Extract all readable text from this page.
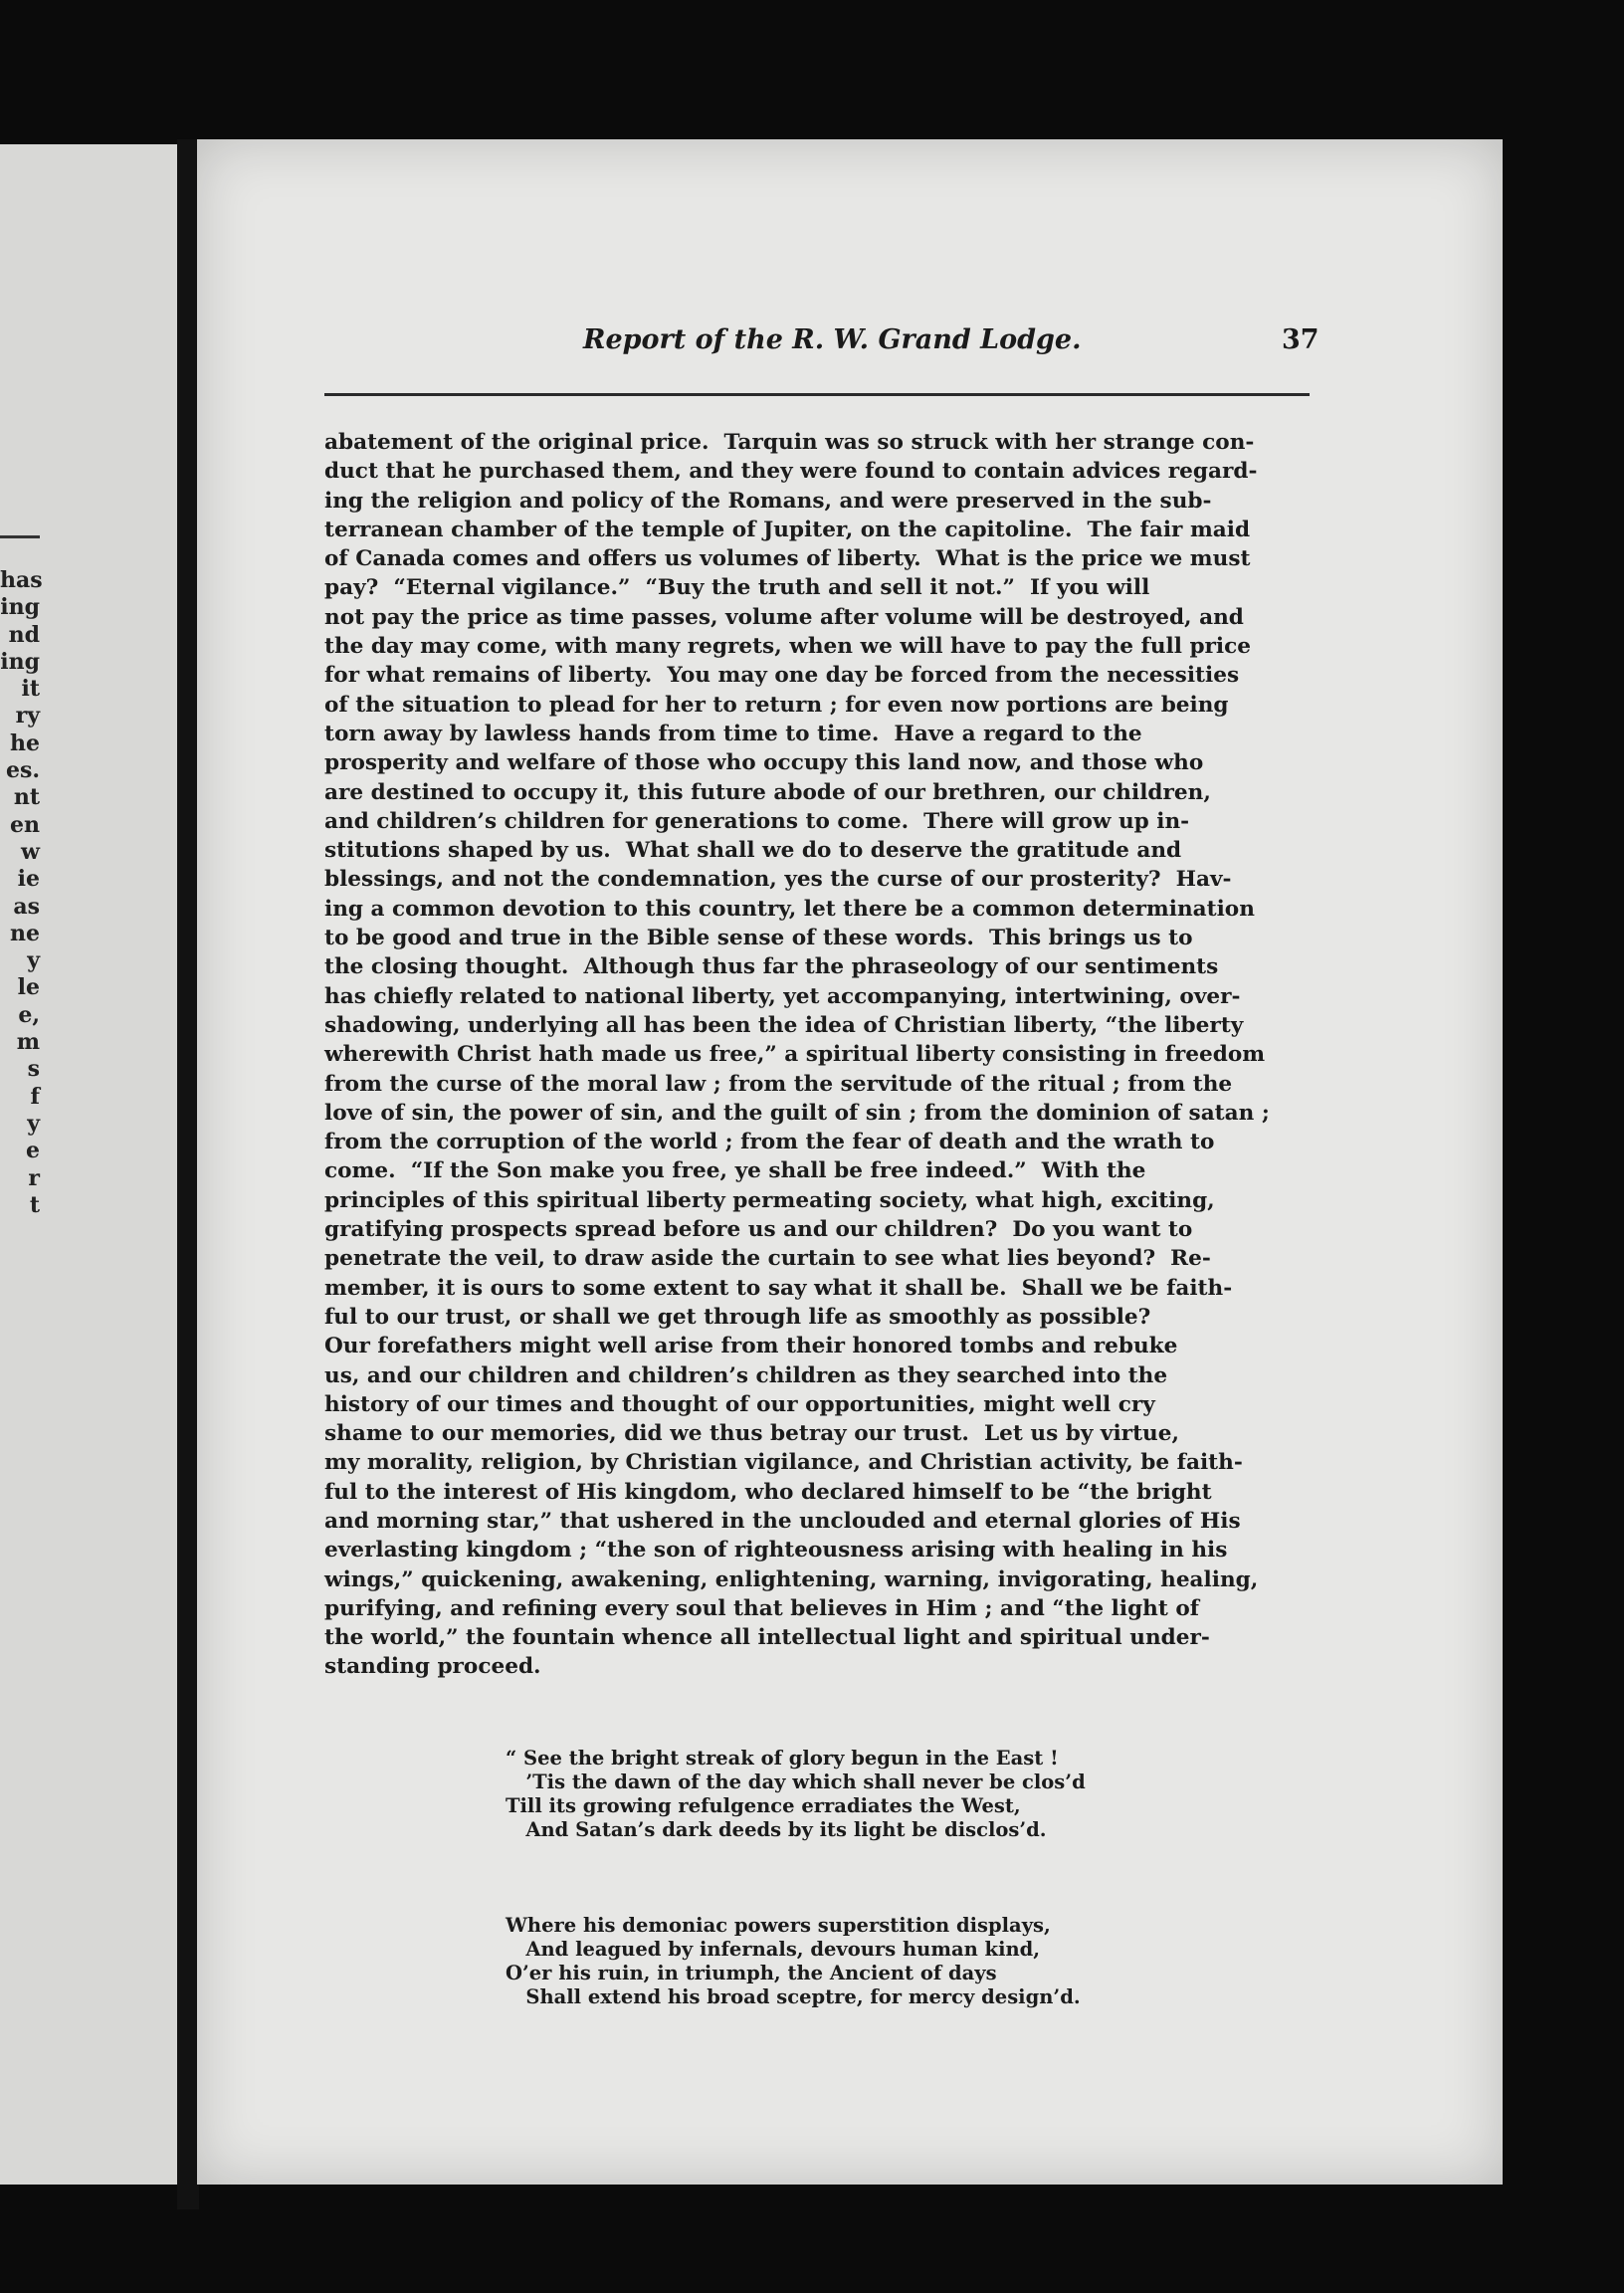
has
ing
nd
ing
it
ry
he
es.
nt
en
w
ie
as
ne
y
le
e,
m
s
f
y
e
r
t
Report of the R. W. Grand Lodge.	37
abatement of the original price.  Tarquin was so struck with her strange con-
duct that he purchased them, and they were found to contain advices regard-
ing the religion and policy of the Romans, and were preserved in the sub-
terranean chamber of the temple of Jupiter, on the capitoline.  The fair maid
of Canada comes and offers us volumes of liberty.  What is the price we must
pay?  “Eternal vigilance.”  “Buy the truth and sell it not.”  If you will
not pay the price as time passes, volume after volume will be destroyed, and
the day may come, with many regrets, when we will have to pay the full price
for what remains of liberty.  You may one day be forced from the necessities
of the situation to plead for her to return ; for even now portions are being
torn away by lawless hands from time to time.  Have a regard to the
prosperity and welfare of those who occupy this land now, and those who
are destined to occupy it, this future abode of our brethren, our children,
and children’s children for generations to come.  There will grow up in-
stitutions shaped by us.  What shall we do to deserve the gratitude and
blessings, and not the condemnation, yes the curse of our prosterity?  Hav-
ing a common devotion to this country, let there be a common determination
to be good and true in the Bible sense of these words.  This brings us to
the closing thought.  Although thus far the phraseology of our sentiments
has chiefly related to national liberty, yet accompanying, intertwining, over-
shadowing, underlying all has been the idea of Christian liberty, “the liberty
wherewith Christ hath made us free,” a spiritual liberty consisting in freedom
from the curse of the moral law ; from the servitude of the ritual ; from the
love of sin, the power of sin, and the guilt of sin ; from the dominion of satan ;
from the corruption of the world ; from the fear of death and the wrath to
come.  “If the Son make you free, ye shall be free indeed.”  With the
principles of this spiritual liberty permeating society, what high, exciting,
gratifying prospects spread before us and our children?  Do you want to
penetrate the veil, to draw aside the curtain to see what lies beyond?  Re-
member, it is ours to some extent to say what it shall be.  Shall we be faith-
ful to our trust, or shall we get through life as smoothly as possible?
Our forefathers might well arise from their honored tombs and rebuke
us, and our children and children’s children as they searched into the
history of our times and thought of our opportunities, might well cry
shame to our memories, did we thus betray our trust.  Let us by virtue,
my morality, religion, by Christian vigilance, and Christian activity, be faith-
ful to the interest of His kingdom, who declared himself to be “the bright
and morning star,” that ushered in the unclouded and eternal glories of His
everlasting kingdom ; “the son of righteousness arising with healing in his
wings,” quickening, awakening, enlightening, warning, invigorating, healing,
purifying, and refining every soul that believes in Him ; and “the light of
the world,” the fountain whence all intellectual light and spiritual under-
standing proceed.

“ See the bright streak of glory begun in the East !
’Tis the dawn of the day which shall never be clos’d
Till its growing refulgence erradiates the West,
And Satan’s dark deeds by its light be disclos’d.

Where his demoniac powers superstition displays,
And leagued by infernals, devours human kind,
O’er his ruin, in triumph, the Ancient of days
Shall extend his broad sceptre, for mercy design’d.
